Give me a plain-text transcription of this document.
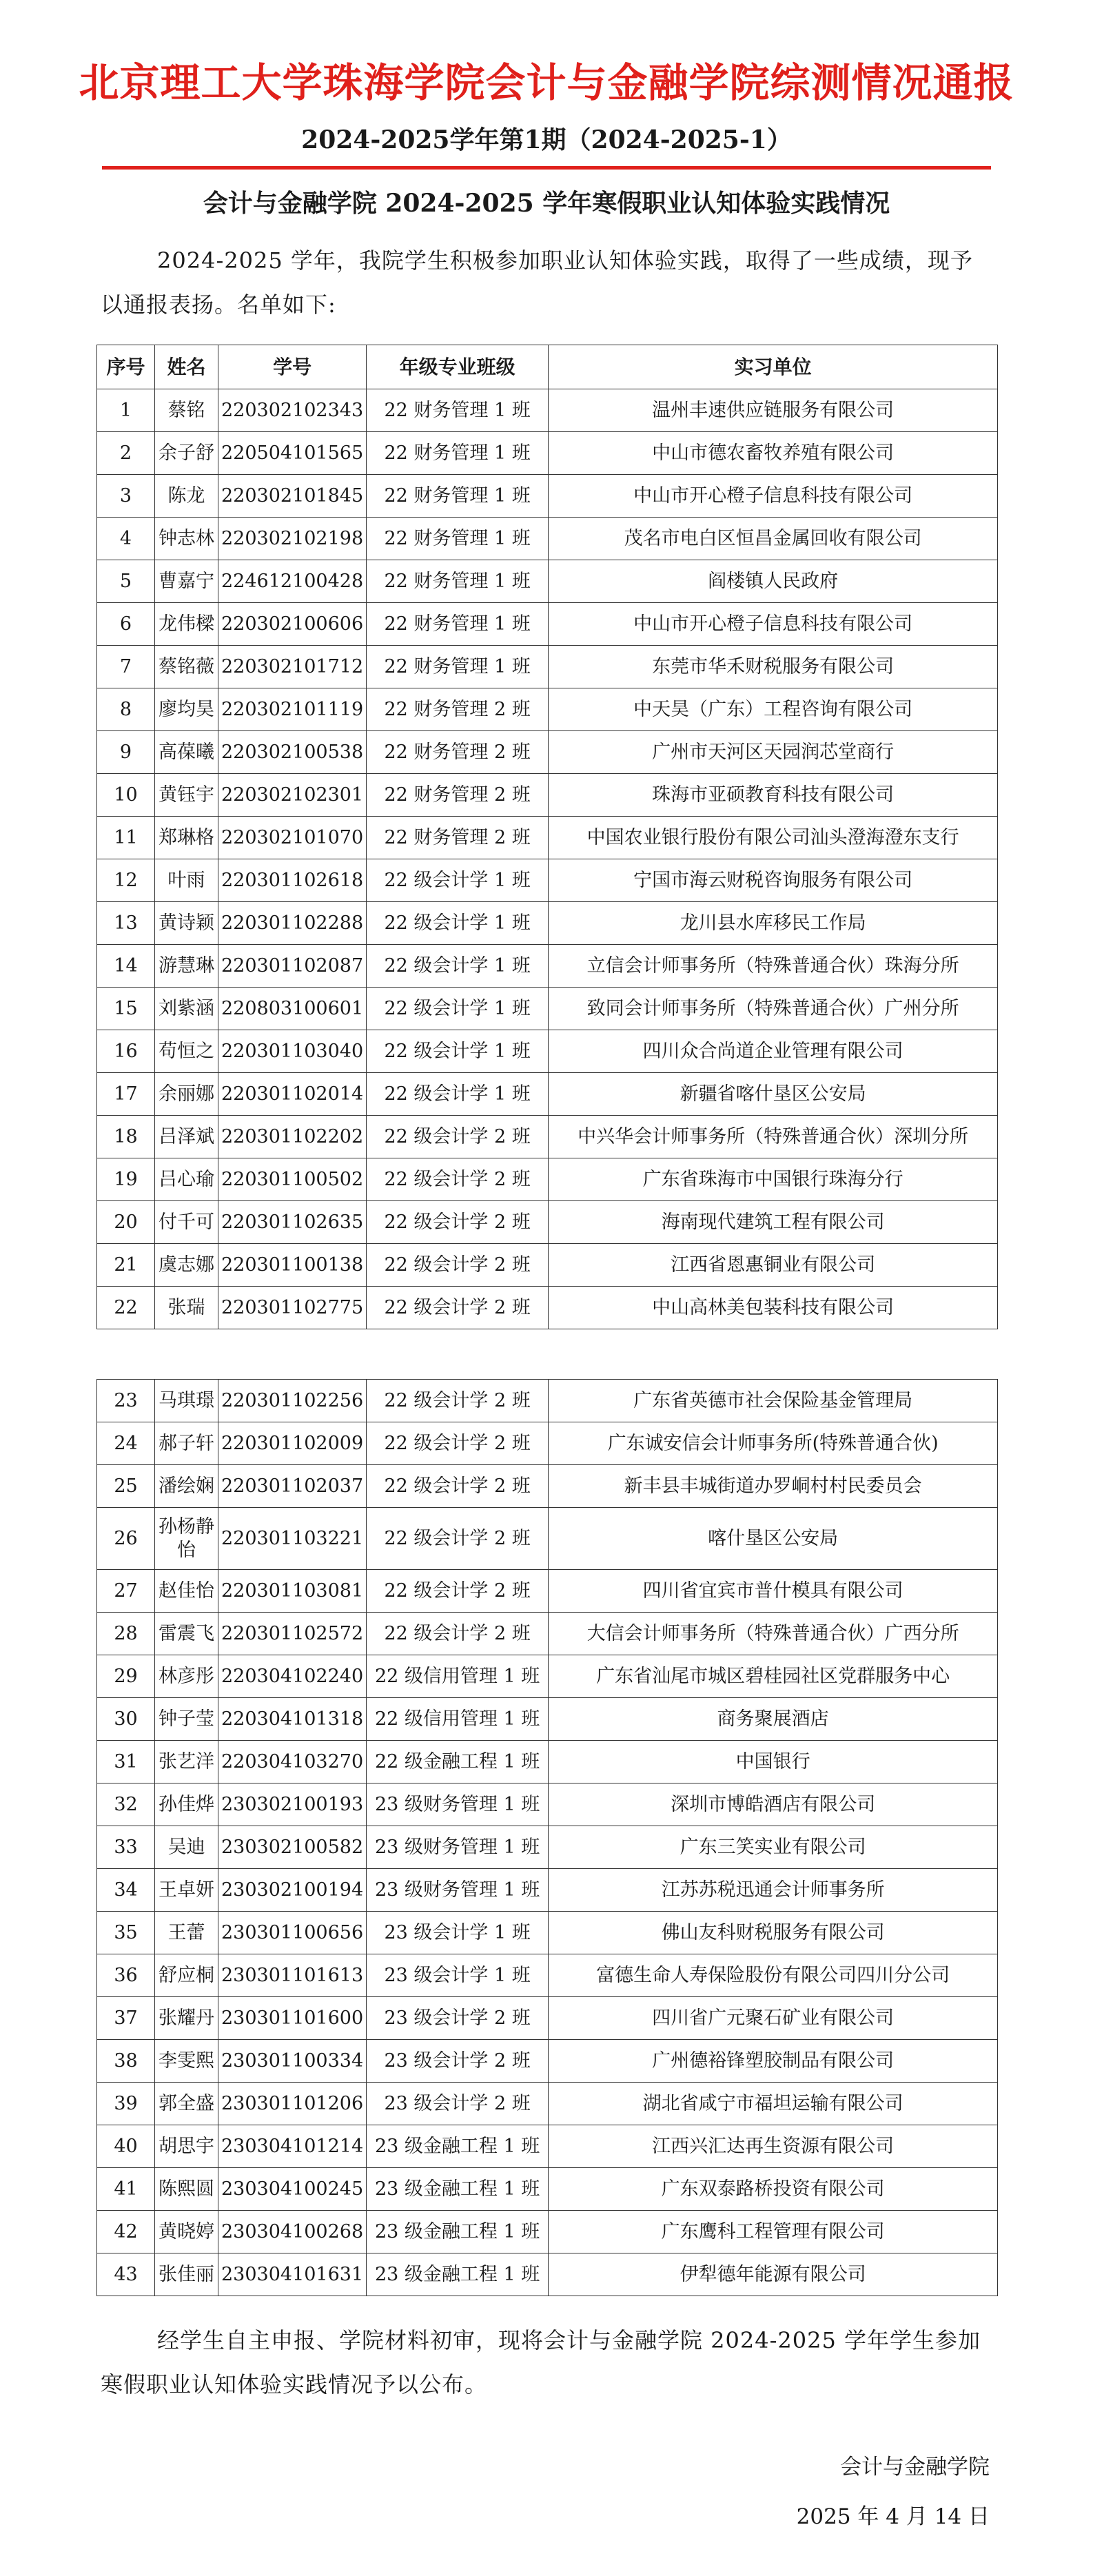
北京理工大学珠海学院会计与金融学院综测情况通报
2024-2025学年第1期（2024-2025-1）
会计与金融学院 2024-2025 学年寒假职业认知体验实践情况
2024-2025 学年，我院学生积极参加职业认知体验实践，取得了一些成绩，现予以通报表扬。名单如下:
序号	姓名	学号	年级专业班级	实习单位
1	蔡铭	220302102343	22 财务管理 1 班	温州丰速供应链服务有限公司
2	余子舒	220504101565	22 财务管理 1 班	中山市德农畜牧养殖有限公司
3	陈龙	220302101845	22 财务管理 1 班	中山市开心橙子信息科技有限公司
4	钟志林	220302102198	22 财务管理 1 班	茂名市电白区恒昌金属回收有限公司
5	曹嘉宁	224612100428	22 财务管理 1 班	阎楼镇人民政府
6	龙伟樑	220302100606	22 财务管理 1 班	中山市开心橙子信息科技有限公司
7	蔡铭薇	220302101712	22 财务管理 1 班	东莞市华禾财税服务有限公司
8	廖均昊	220302101119	22 财务管理 2 班	中天昊（广东）工程咨询有限公司
9	高葆曦	220302100538	22 财务管理 2 班	广州市天河区天园润芯堂商行
10	黄钰宇	220302102301	22 财务管理 2 班	珠海市亚硕教育科技有限公司
11	郑琳格	220302101070	22 财务管理 2 班	中国农业银行股份有限公司汕头澄海澄东支行
12	叶雨	220301102618	22 级会计学 1 班	宁国市海云财税咨询服务有限公司
13	黄诗颖	220301102288	22 级会计学 1 班	龙川县水库移民工作局
14	游慧琳	220301102087	22 级会计学 1 班	立信会计师事务所（特殊普通合伙）珠海分所
15	刘紫涵	220803100601	22 级会计学 1 班	致同会计师事务所（特殊普通合伙）广州分所
16	苟恒之	220301103040	22 级会计学 1 班	四川众合尚道企业管理有限公司
17	余丽娜	220301102014	22 级会计学 1 班	新疆省喀什垦区公安局
18	吕泽斌	220301102202	22 级会计学 2 班	中兴华会计师事务所（特殊普通合伙）深圳分所
19	吕心瑜	220301100502	22 级会计学 2 班	广东省珠海市中国银行珠海分行
20	付千可	220301102635	22 级会计学 2 班	海南现代建筑工程有限公司
21	虞志娜	220301100138	22 级会计学 2 班	江西省恩惠铜业有限公司
22	张瑞	220301102775	22 级会计学 2 班	中山高林美包装科技有限公司
23	马琪璟	220301102256	22 级会计学 2 班	广东省英德市社会保险基金管理局
24	郝子轩	220301102009	22 级会计学 2 班	广东诚安信会计师事务所(特殊普通合伙)
25	潘绘娴	220301102037	22 级会计学 2 班	新丰县丰城街道办罗峒村村民委员会
26	孙杨静怡	220301103221	22 级会计学 2 班	喀什垦区公安局
27	赵佳怡	220301103081	22 级会计学 2 班	四川省宜宾市普什模具有限公司
28	雷震飞	220301102572	22 级会计学 2 班	大信会计师事务所（特殊普通合伙）广西分所
29	林彦彤	220304102240	22 级信用管理 1 班	广东省汕尾市城区碧桂园社区党群服务中心
30	钟子莹	220304101318	22 级信用管理 1 班	商务聚展酒店
31	张艺洋	220304103270	22 级金融工程 1 班	中国银行
32	孙佳烨	230302100193	23 级财务管理 1 班	深圳市博皓酒店有限公司
33	吴迪	230302100582	23 级财务管理 1 班	广东三笑实业有限公司
34	王卓妍	230302100194	23 级财务管理 1 班	江苏苏税迅通会计师事务所
35	王蕾	230301100656	23 级会计学 1 班	佛山友科财税服务有限公司
36	舒应桐	230301101613	23 级会计学 1 班	富德生命人寿保险股份有限公司四川分公司
37	张耀丹	230301101600	23 级会计学 2 班	四川省广元聚石矿业有限公司
38	李雯熙	230301100334	23 级会计学 2 班	广州德裕锋塑胶制品有限公司
39	郭全盛	230301101206	23 级会计学 2 班	湖北省咸宁市福坦运输有限公司
40	胡思宇	230304101214	23 级金融工程 1 班	江西兴汇达再生资源有限公司
41	陈熙圆	230304100245	23 级金融工程 1 班	广东双泰路桥投资有限公司
42	黄晓婷	230304100268	23 级金融工程 1 班	广东鹰科工程管理有限公司
43	张佳丽	230304101631	23 级金融工程 1 班	伊犁德年能源有限公司
经学生自主申报、学院材料初审，现将会计与金融学院 2024-2025 学年学生参加寒假职业认知体验实践情况予以公布。
会计与金融学院
2025 年 4 月 14 日
